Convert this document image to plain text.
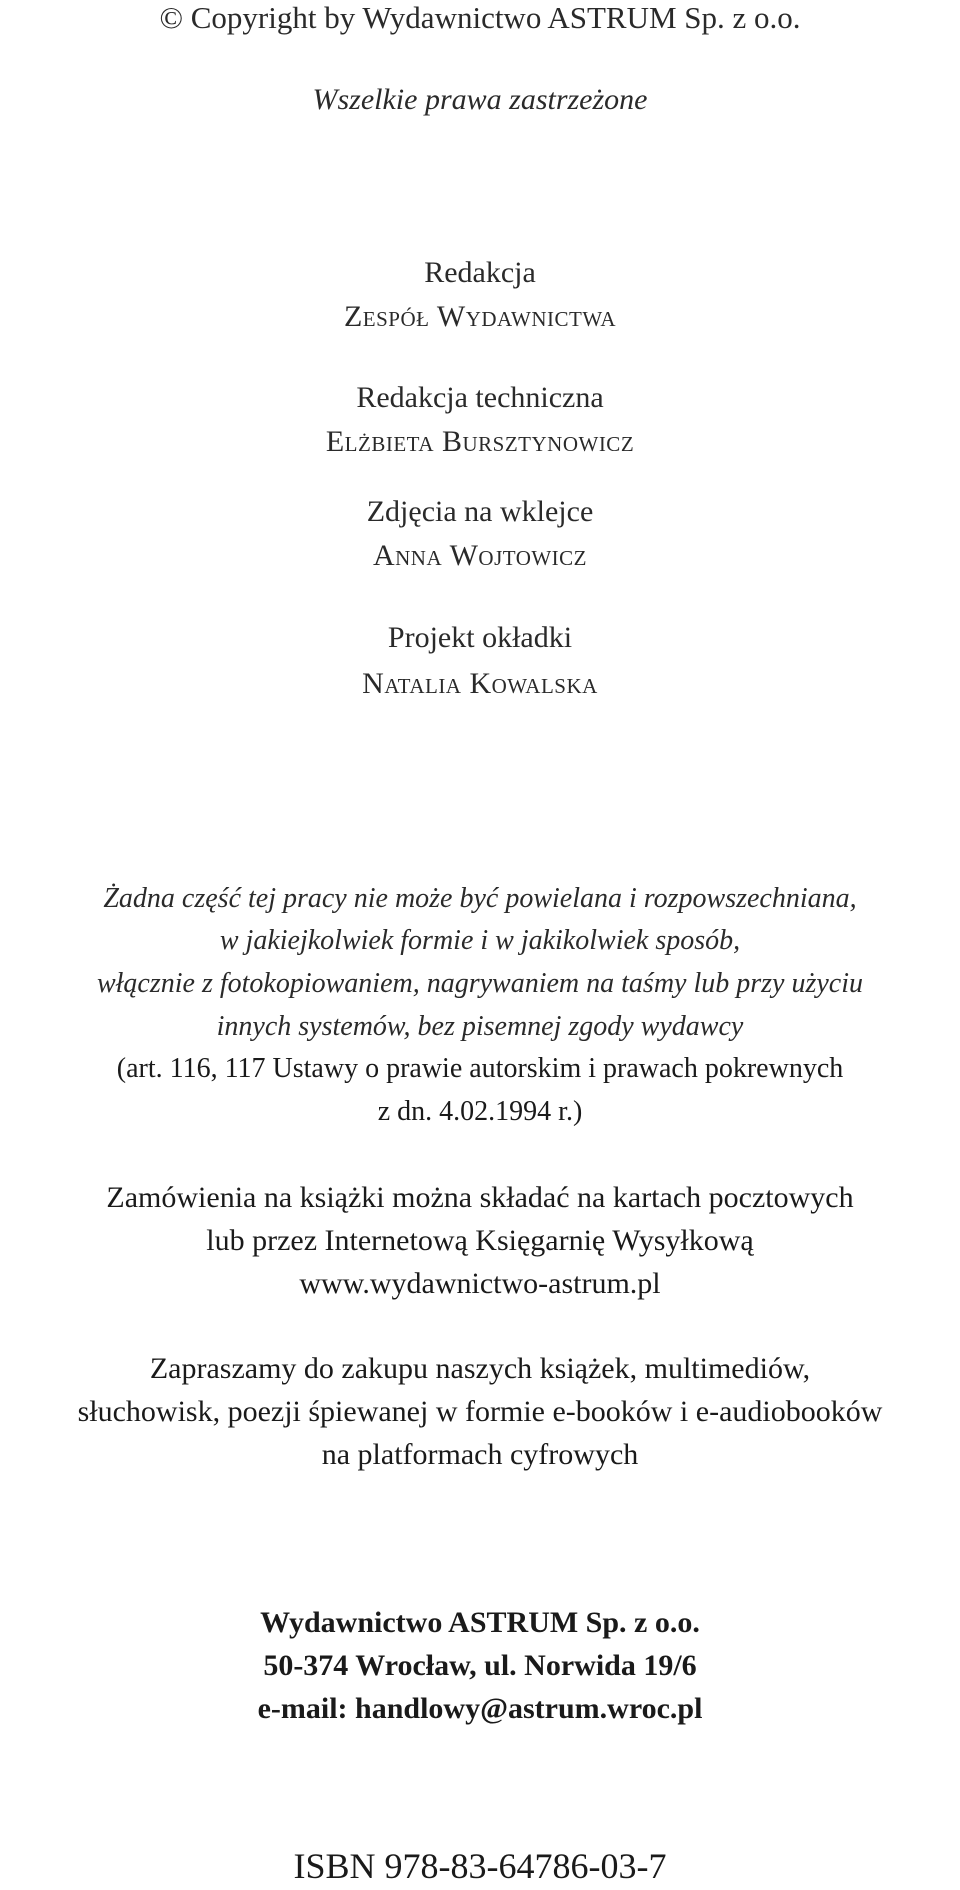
© Copyright by Wydawnictwo ASTRUM Sp. z o.o.
Wszelkie prawa zastrzeżone
Redakcja
Zespół Wydawnictwa
Redakcja techniczna
Elżbieta Bursztynowicz
Zdjęcia na wklejce
Anna Wojtowicz
Projekt okładki
Natalia Kowalska
Żadna część tej pracy nie może być powielana i rozpowszechniana,
w jakiejkolwiek formie i w jakikolwiek sposób,
włącznie z fotokopiowaniem, nagrywaniem na taśmy lub przy użyciu
innych systemów, bez pisemnej zgody wydawcy
(art. 116, 117 Ustawy o prawie autorskim i prawach pokrewnych
z dn. 4.02.1994 r.)
Zamówienia na książki można składać na kartach pocztowych
lub przez Internetową Księgarnię Wysyłkową
www.wydawnictwo-astrum.pl
Zapraszamy do zakupu naszych książek, multimediów,
słuchowisk, poezji śpiewanej w formie e-booków i e-audiobooków
na platformach cyfrowych
Wydawnictwo ASTRUM Sp. z o.o.
50-374 Wrocław, ul. Norwida 19/6
e-mail: handlowy@astrum.wroc.pl
ISBN 978-83-64786-03-7
